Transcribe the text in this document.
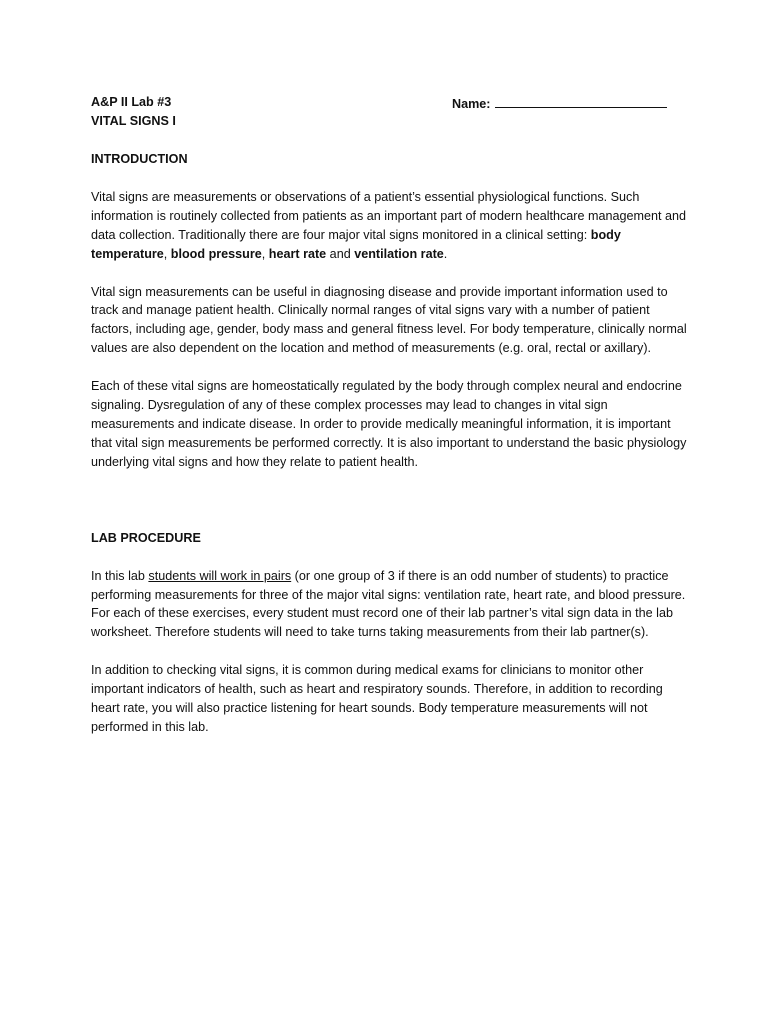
A&P II Lab #3	Name:
VITAL SIGNS I
INTRODUCTION

Vital signs are measurements or observations of a patient’s essential physiological functions. Such information is routinely collected from patients as an important part of modern healthcare management and data collection. Traditionally there are four major vital signs monitored in a clinical setting: body temperature, blood pressure, heart rate and ventilation rate.

Vital sign measurements can be useful in diagnosing disease and provide important information used to track and manage patient health. Clinically normal ranges of vital signs vary with a number of patient factors, including age, gender, body mass and general fitness level. For body temperature, clinically normal values are also dependent on the location and method of measurements (e.g. oral, rectal or axillary).

Each of these vital signs are homeostatically regulated by the body through complex neural and endocrine signaling. Dysregulation of any of these complex processes may lead to changes in vital sign measurements and indicate disease. In order to provide medically meaningful information, it is important that vital sign measurements be performed correctly. It is also important to understand the basic physiology underlying vital signs and how they relate to patient health.

LAB PROCEDURE

In this lab students will work in pairs (or one group of 3 if there is an odd number of students) to practice performing measurements for three of the major vital signs: ventilation rate, heart rate, and blood pressure. For each of these exercises, every student must record one of their lab partner’s vital sign data in the lab worksheet. Therefore students will need to take turns taking measurements from their lab partner(s).

In addition to checking vital signs, it is common during medical exams for clinicians to monitor other important indicators of health, such as heart and respiratory sounds. Therefore, in addition to recording heart rate, you will also practice listening for heart sounds. Body temperature measurements will not performed in this lab.
